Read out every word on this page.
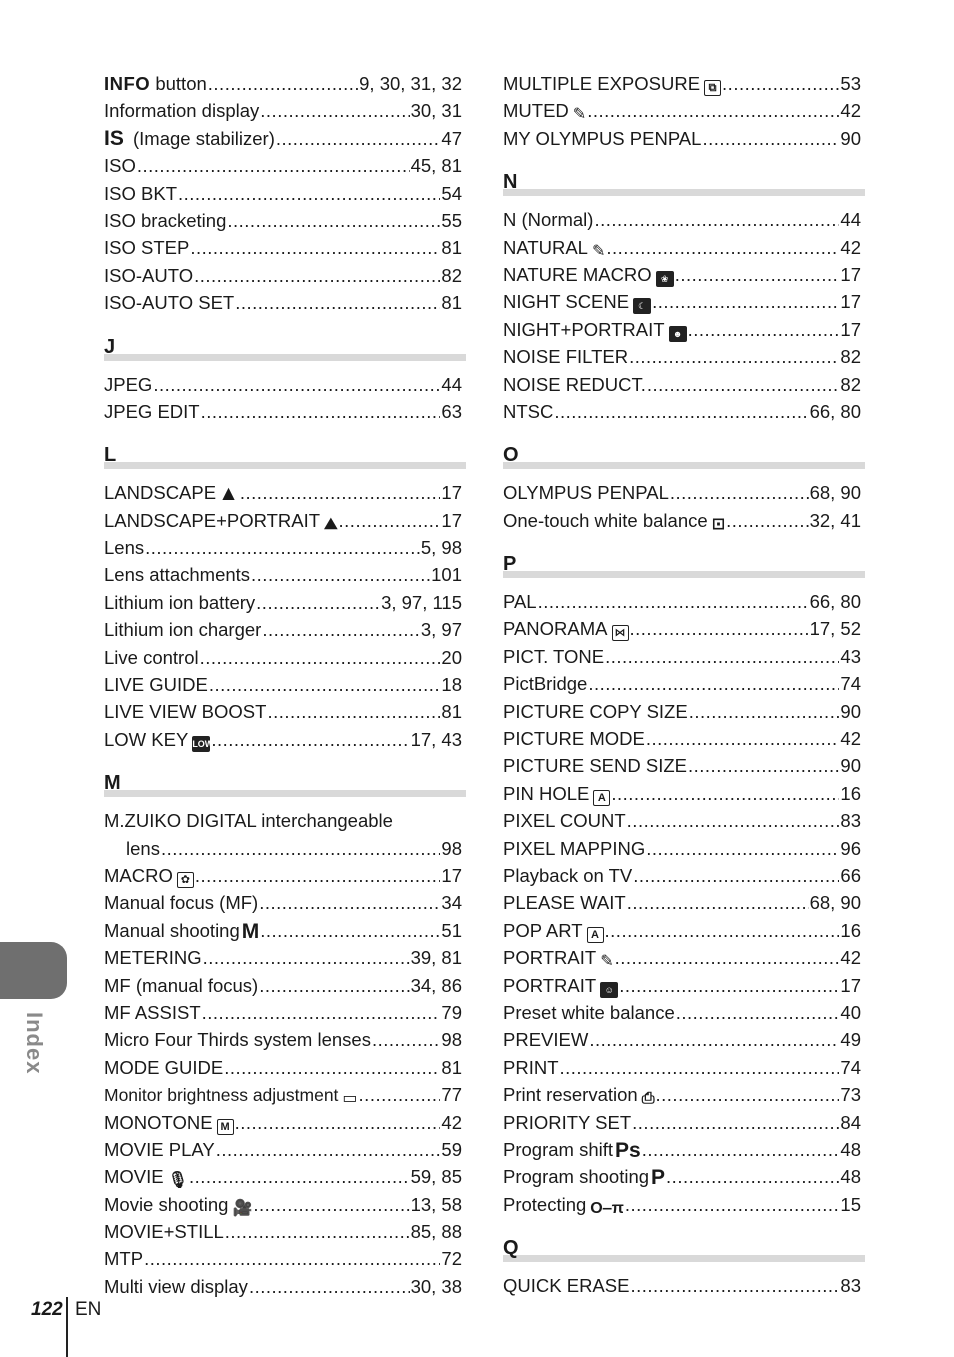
INFO button .....	9, 30, 31, 32
Information display .....	30, 31
IS (Image stabilizer) .....	47
ISO .....	45, 81
ISO BKT .....	54
ISO bracketing .....	55
ISO STEP .....	81
ISO-AUTO .....	82
ISO-AUTO SET .....	81
J
JPEG .....	44
JPEG EDIT .....	63
L
LANDSCAPE▲ .....	17
LANDSCAPE+PORTRAIT ⛰ .....	17
Lens .....	5, 98
Lens attachments .....	101
Lithium ion battery .....	3, 97, 115
Lithium ion charger .....	3, 97
Live control .....	20
LIVE GUIDE .....	18
LIVE VIEW BOOST .....	81
LOW KEY LOW .....	17, 43
M
M.ZUIKO DIGITAL interchangeable
lens .....	98
MACRO ✿ .....	17
Manual focus (MF) .....	34
Manual shootingM .....	51
METERING .....	39, 81
MF (manual focus) .....	34, 86
MF ASSIST .....	79
Micro Four Thirds system lenses .....	98
MODE GUIDE .....	81
Monitor brightness adjustment ▭ .....	77
MONOTONE M .....	42
MOVIE PLAY .....	59
MOVIE 🎙 .....	59, 85
Movie shooting 🎥 .....	13, 58
MOVIE+STILL .....	85, 88
MTP .....	72
Multi view display .....	30, 38
MULTIPLE EXPOSURE ⧉ .....	53
MUTED ✎ .....	42
MY OLYMPUS PENPAL .....	90
N
N (Normal) .....	44
NATURAL ✎ .....	42
NATURE MACRO ❀ .....	17
NIGHT SCENE ☾ .....	17
NIGHT+PORTRAIT ☻ .....	17
NOISE FILTER .....	82
NOISE REDUCT. .....	82
NTSC .....	66, 80
O
OLYMPUS PENPAL .....	68, 90
One-touch white balance ⊡ .....	32, 41
P
PAL .....	66, 80
PANORAMA ⋈ .....	17, 52
PICT. TONE .....	43
PictBridge .....	74
PICTURE COPY SIZE .....	90
PICTURE MODE .....	42
PICTURE SEND SIZE .....	90
PIN HOLE A .....	16
PIXEL COUNT .....	83
PIXEL MAPPING .....	96
Playback on TV .....	66
PLEASE WAIT .....	68, 90
POP ART A .....	16
PORTRAIT ✎ .....	42
PORTRAIT ☺ .....	17
Preset white balance .....	40
PREVIEW .....	49
PRINT .....	74
Print reservation ⎙ .....	73
PRIORITY SET .....	84
Program shiftPs .....	48
Program shootingP .....	48
Protecting O‒π .....	15
Q
QUICK ERASE .....	83
Index
122 EN
